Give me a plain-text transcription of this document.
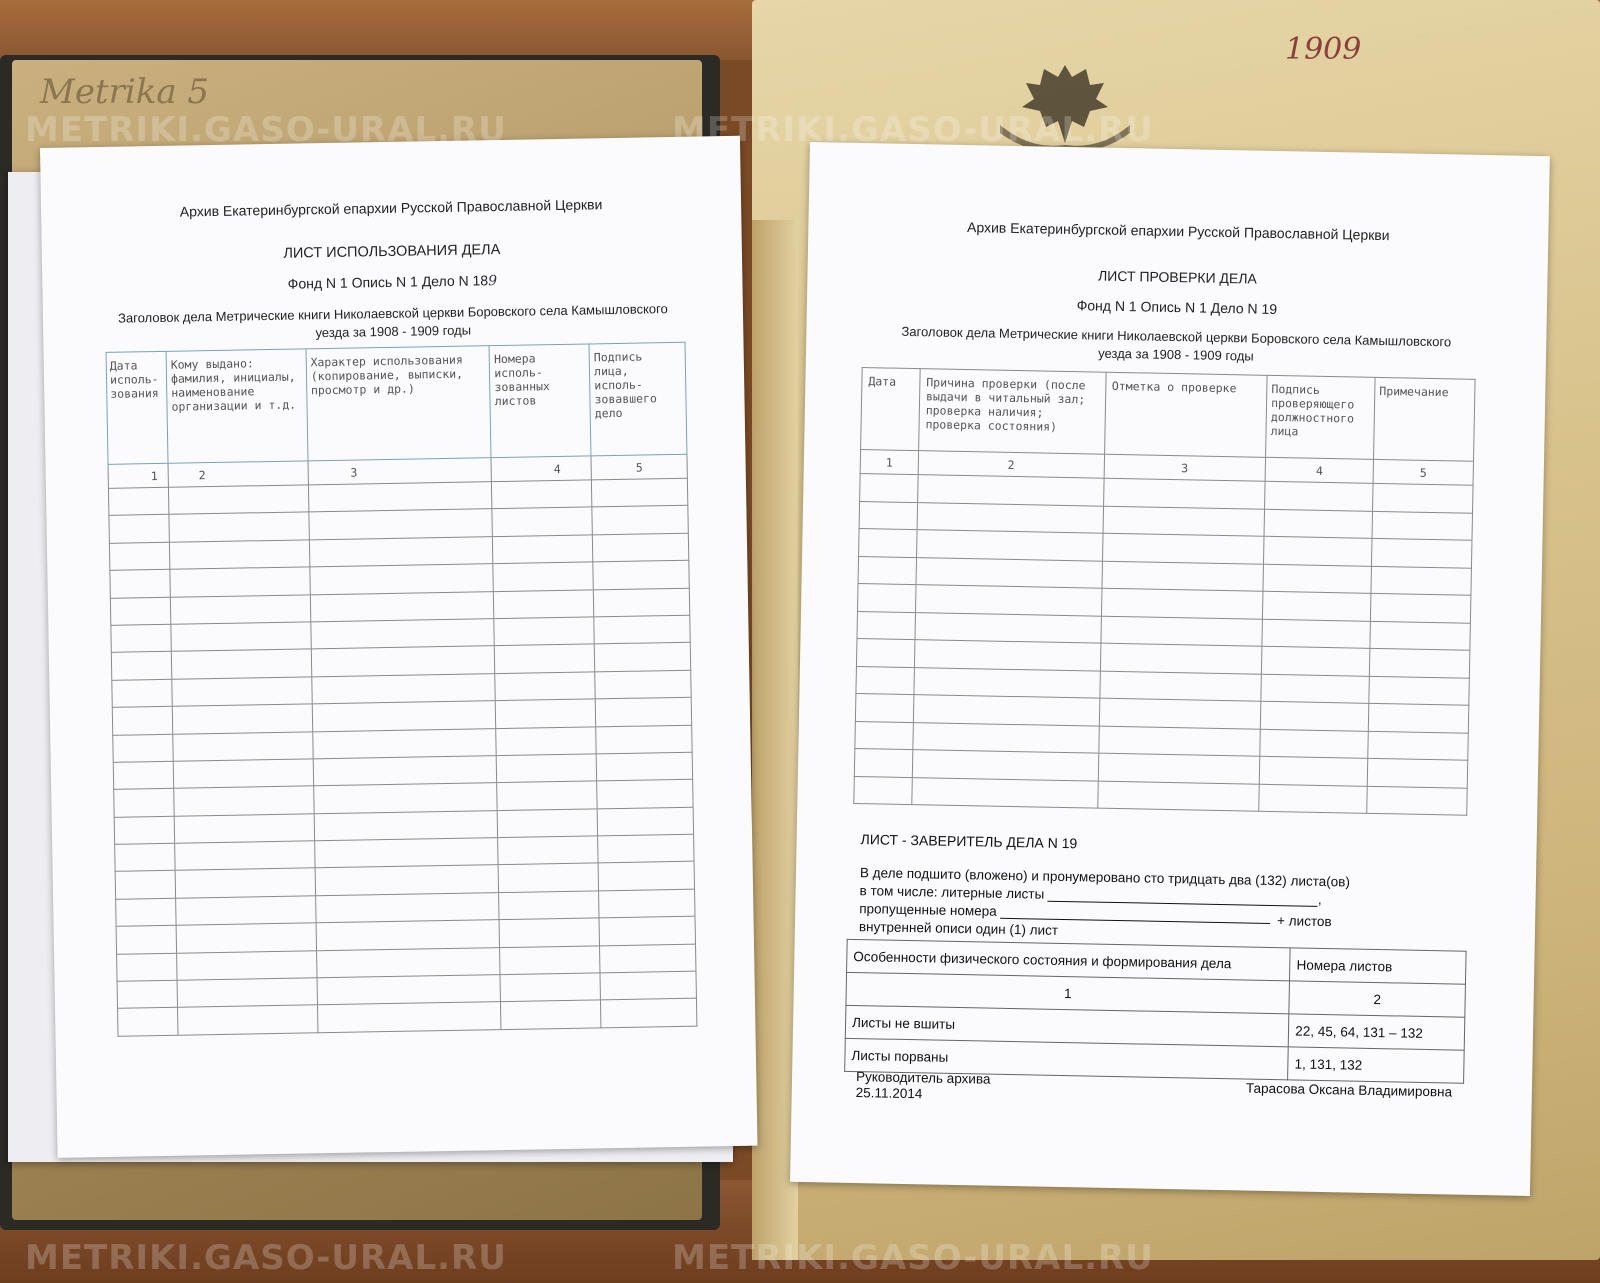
Metrika 5
1909
Архив Екатеринбургской епархии Русской Православной Церкви
ЛИСТ ИСПОЛЬЗОВАНИЯ ДЕЛА
Фонд N 1 Опись N 1 Дело N 189
Заголовок дела Метрические книги Николаевской церкви Боровского села Камышловского
уезда за 1908 - 1909 годы
Дата исполь- зования	Кому выдано: фамилия, инициалы, наименование организации и т.д.	Характер использования (копирование, выписки, просмотр и др.)	Номера исполь- зованных листов	Подпись лица, исполь- зовавшего дело
1	2	3	4	5

Архив Екатеринбургской епархии Русской Православной Церкви
ЛИСТ ПРОВЕРКИ ДЕЛА
Фонд N 1 Опись N 1 Дело N 19
Заголовок дела Метрические книги Николаевской церкви Боровского села Камышловского
уезда за 1908 - 1909 годы
Дата	Причина проверки (после выдачи в читальный зал; проверка наличия; проверка состояния)	Отметка о проверке	Подпись проверяющего должностного лица	Примечание
1	2	3	4	5

ЛИСТ - ЗАВЕРИТЕЛЬ ДЕЛА N 19
В деле подшито (вложено) и пронумеровано сто тридцать два (132) листа(ов)
в том числе: литерные листы	,
пропущенные номера
внутренней описи один (1) лист	+ листов
Особенности физического состояния и формирования дела	Номера листов
1	2
Листы не вшиты	22, 45, 64, 131 – 132
Листы порваны	1, 131, 132
Руководитель архива
25.11.2014	Тарасова Оксана Владимировна
METRIKI.GASO-URAL.RU	METRIKI.GASO-URAL.RU
METRIKI.GASO-URAL.RU	METRIKI.GASO-URAL.RU
